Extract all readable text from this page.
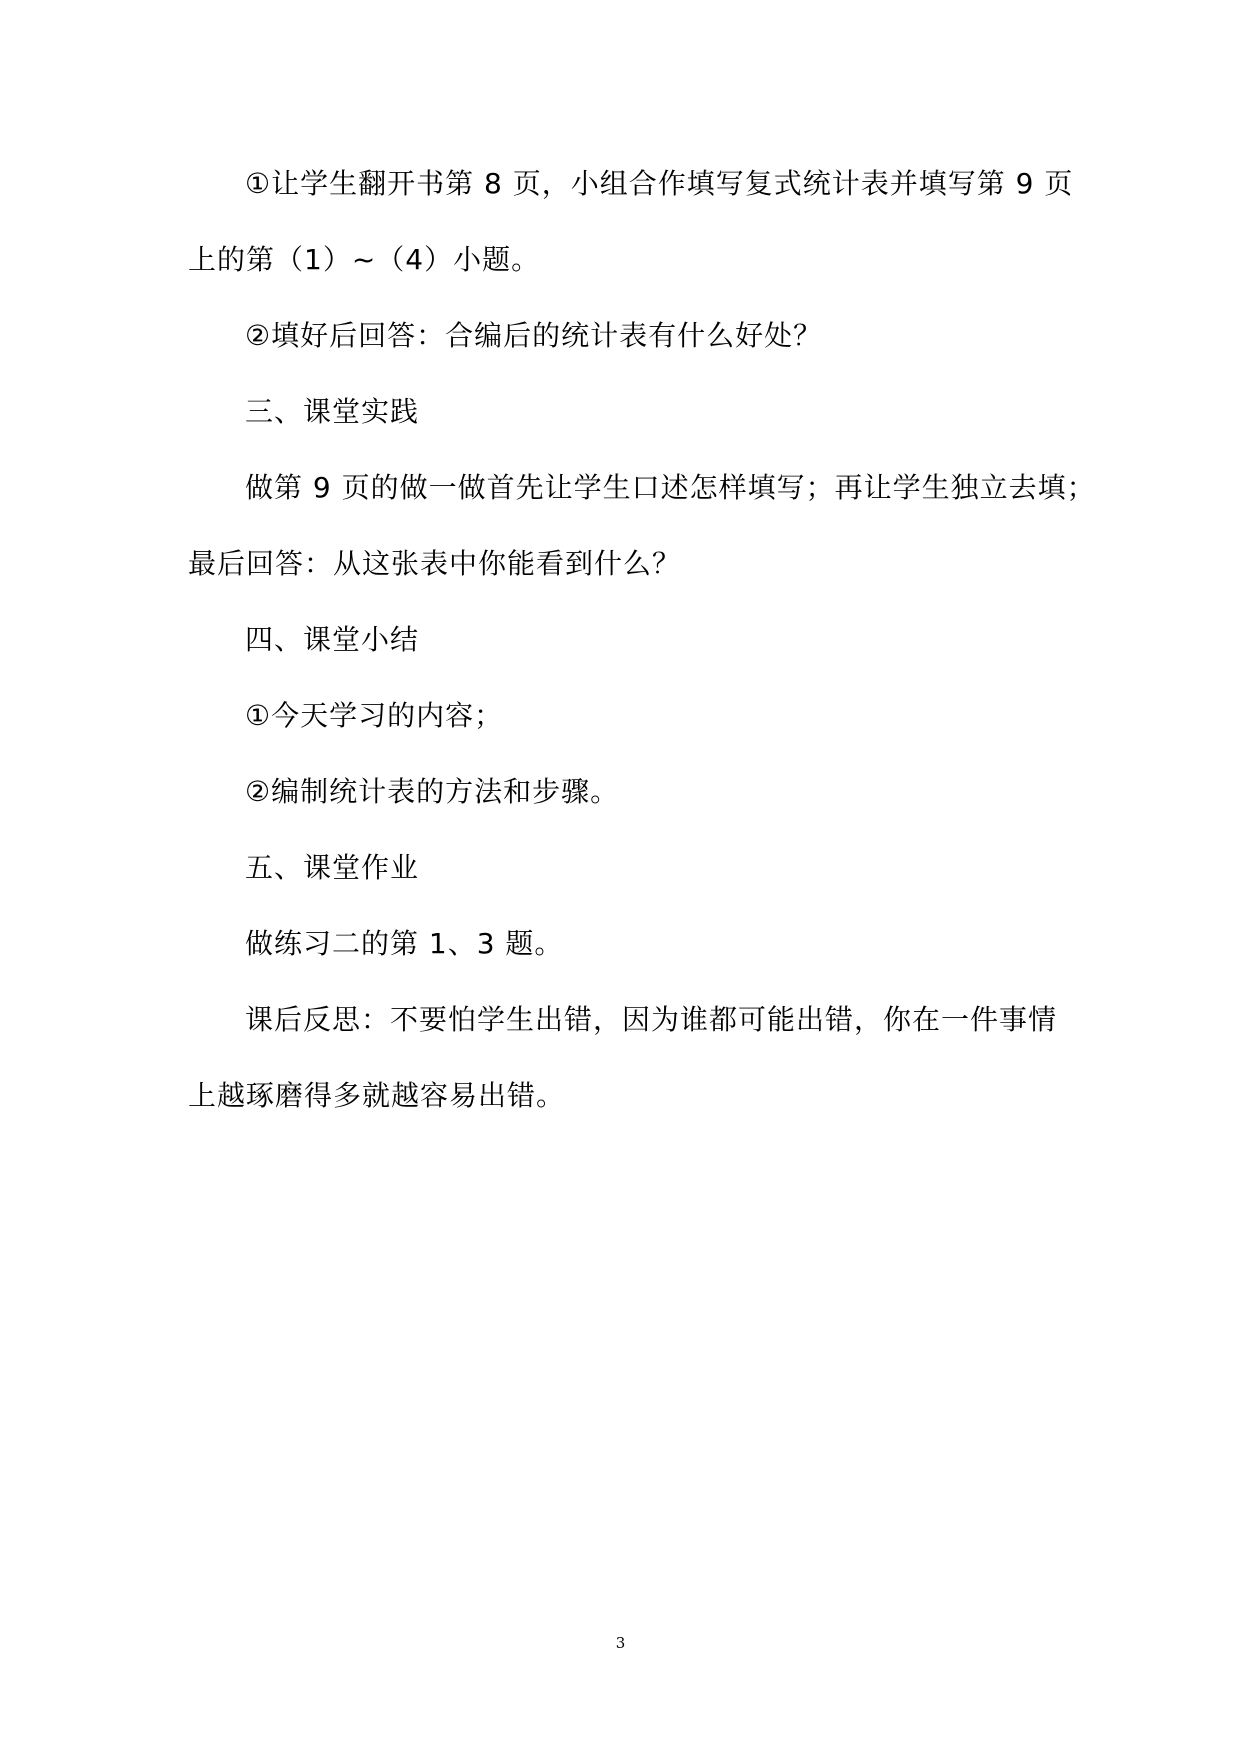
①让学生翻开书第 8 页，小组合作填写复式统计表并填写第 9 页
上的第（1）~（4）小题。
②填好后回答：合编后的统计表有什么好处？
三、课堂实践
做第 9 页的做一做首先让学生口述怎样填写；再让学生独立去填；
最后回答：从这张表中你能看到什么？
四、课堂小结
①今天学习的内容；
②编制统计表的方法和步骤。
五、课堂作业
做练习二的第 1、3 题。
课后反思：不要怕学生出错，因为谁都可能出错，你在一件事情
上越琢磨得多就越容易出错。
3
